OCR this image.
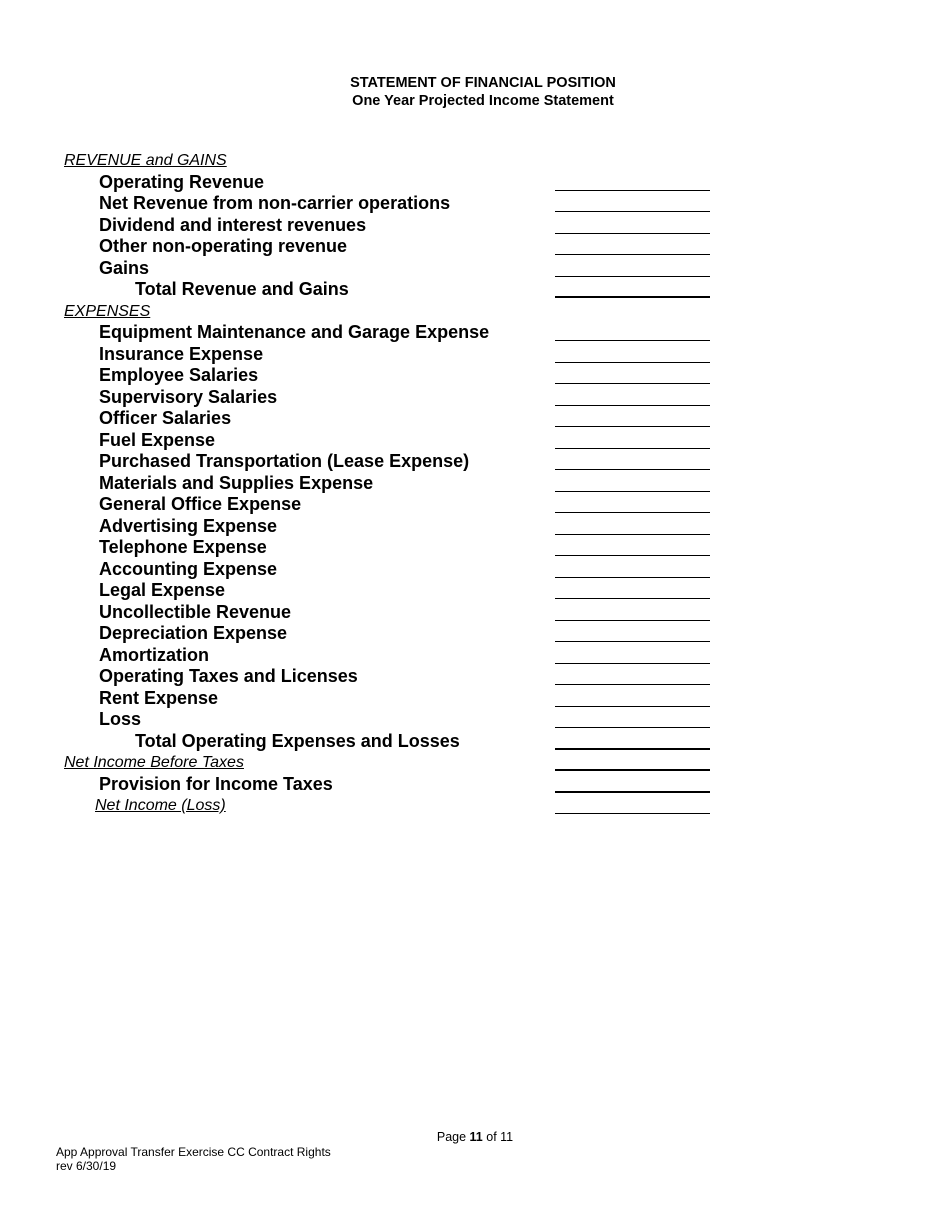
STATEMENT OF FINANCIAL POSITION
One Year Projected Income Statement
REVENUE and GAINS
Operating Revenue
Net Revenue from non-carrier operations
Dividend and interest revenues
Other non-operating revenue
Gains
Total Revenue and Gains
EXPENSES
Equipment Maintenance and Garage Expense
Insurance Expense
Employee Salaries
Supervisory Salaries
Officer Salaries
Fuel Expense
Purchased Transportation (Lease Expense)
Materials and Supplies Expense
General Office Expense
Advertising Expense
Telephone Expense
Accounting Expense
Legal Expense
Uncollectible Revenue
Depreciation Expense
Amortization
Operating Taxes and Licenses
Rent Expense
Loss
Total Operating Expenses and Losses
Net Income Before Taxes
Provision for Income Taxes
Net Income (Loss)
Page 11 of 11
App Approval Transfer Exercise CC Contract Rights
rev 6/30/19
